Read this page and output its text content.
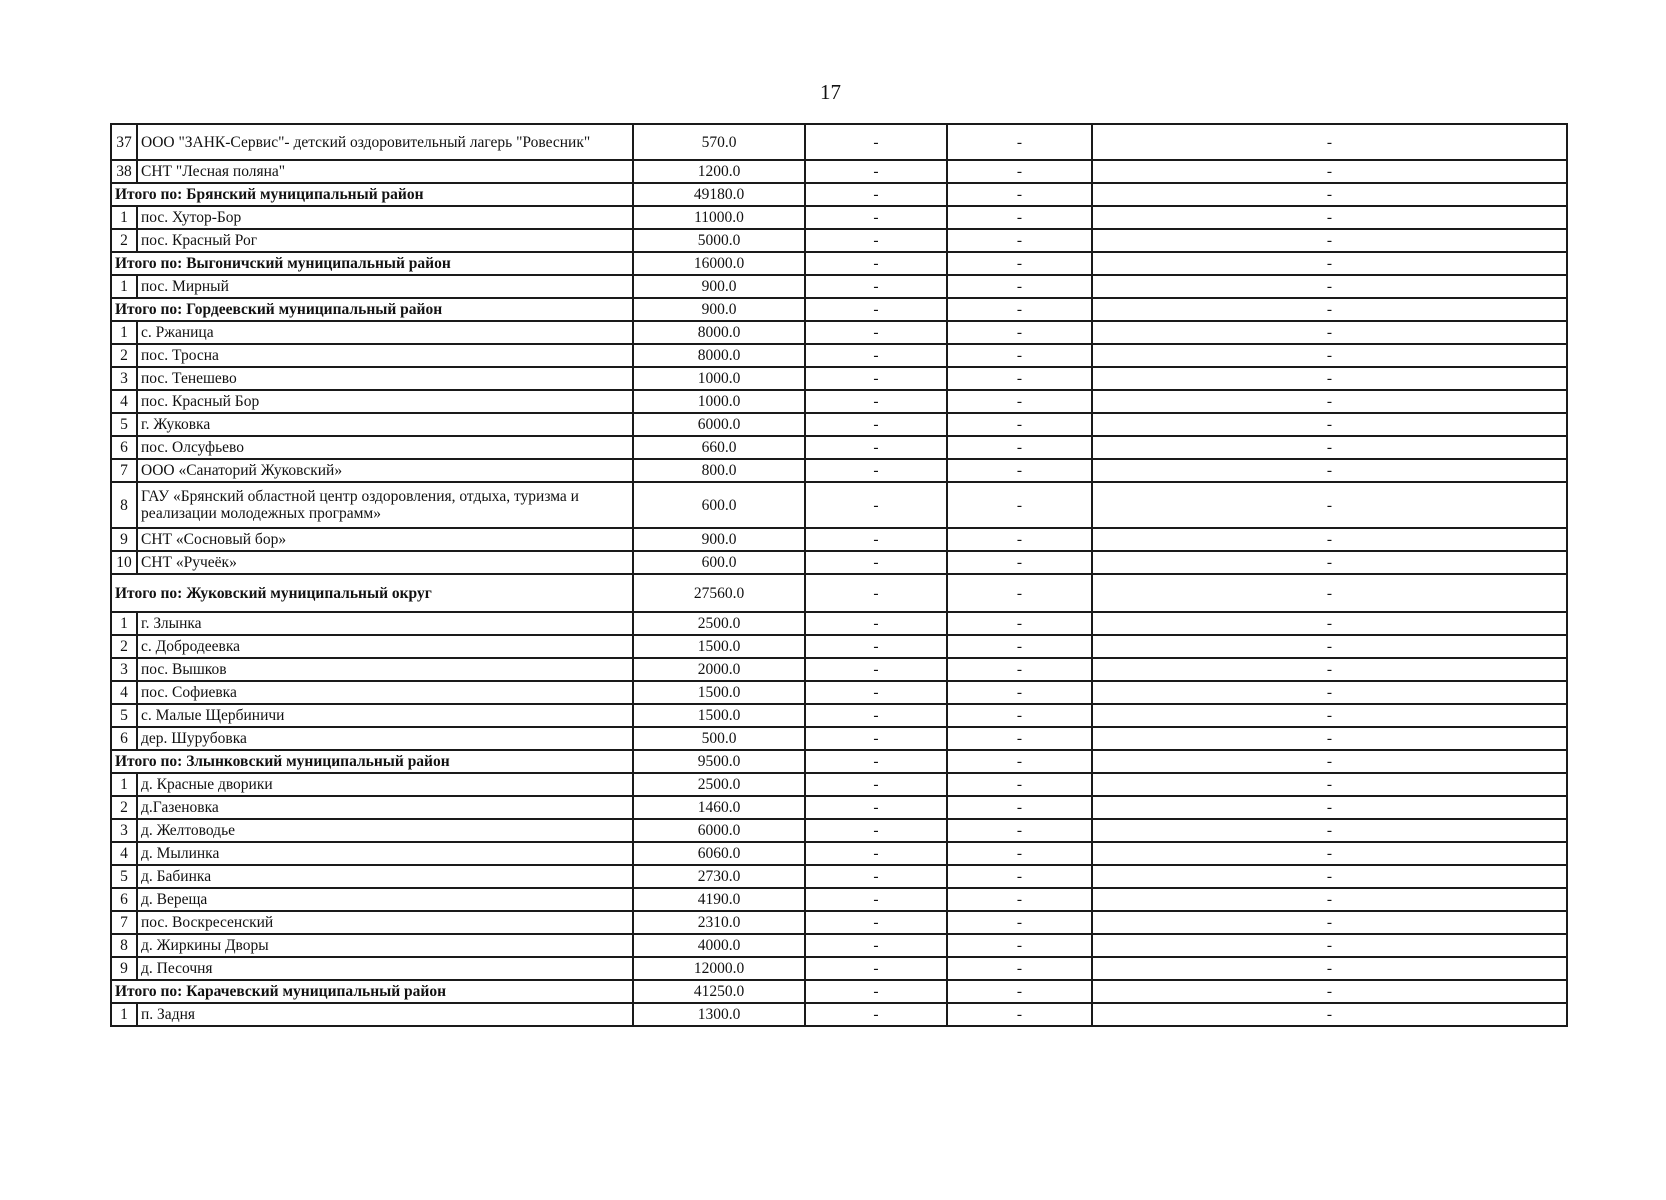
17
37	ООО "ЗАНК-Сервис"- детский оздоровительный лагерь "Ровесник"	570.0	-	-	-
38	СНТ "Лесная поляна"	1200.0	-	-	-
Итого по: Брянский муниципальный район		49180.0	-	-	-
1	пос. Хутор-Бор	11000.0	-	-	-
2	пос. Красный Рог	5000.0	-	-	-
Итого по: Выгоничский муниципальный район		16000.0	-	-	-
1	пос. Мирный	900.0	-	-	-
Итого по: Гордеевский муниципальный район		900.0	-	-	-
1	с. Ржаница	8000.0	-	-	-
2	пос. Тросна	8000.0	-	-	-
3	пос. Тенешево	1000.0	-	-	-
4	пос. Красный Бор	1000.0	-	-	-
5	г. Жуковка	6000.0	-	-	-
6	пос. Олсуфьево	660.0	-	-	-
7	ООО «Санаторий Жуковский»	800.0	-	-	-
8	ГАУ «Брянский областной центр оздоровления, отдыха, туризма и реализации молодежных программ»	600.0	-	-	-
9	СНТ «Сосновый бор»	900.0	-	-	-
10	СНТ «Ручеёк»	600.0	-	-	-
Итого по: Жуковский муниципальный округ		27560.0	-	-	-
1	г. Злынка	2500.0	-	-	-
2	с. Добродеевка	1500.0	-	-	-
3	пос. Вышков	2000.0	-	-	-
4	пос. Софиевка	1500.0	-	-	-
5	с. Малые Щербиничи	1500.0	-	-	-
6	дер. Шурубовка	500.0	-	-	-
Итого по: Злынковский муниципальный район		9500.0	-	-	-
1	д. Красные дворики	2500.0	-	-	-
2	д.Газеновка	1460.0	-	-	-
3	д. Желтоводье	6000.0	-	-	-
4	д. Мылинка	6060.0	-	-	-
5	д. Бабинка	2730.0	-	-	-
6	д. Верещa	4190.0	-	-	-
7	пос. Воскресенский	2310.0	-	-	-
8	д. Жиркины Дворы	4000.0	-	-	-
9	д. Песочня	12000.0	-	-	-
Итого по: Карачевский муниципальный район		41250.0	-	-	-
1	п. Задня	1300.0	-	-	-
